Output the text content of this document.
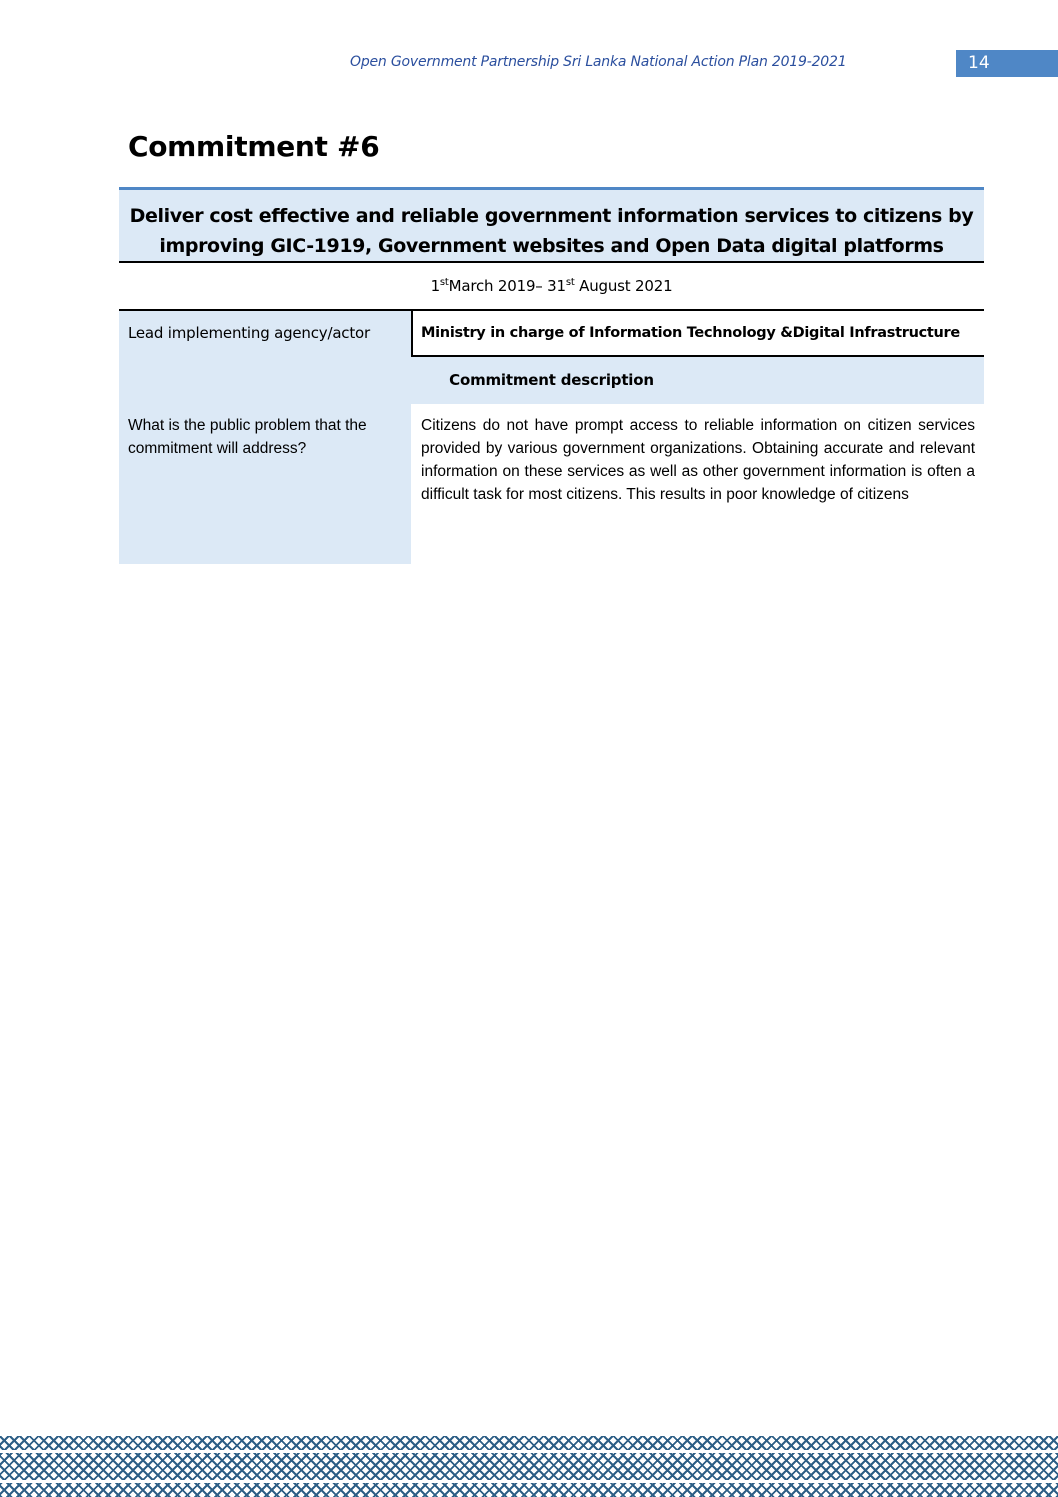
Open Government Partnership Sri Lanka National Action Plan 2019-2021	14
Commitment #6
Deliver cost effective and reliable government information services to citizens by improving GIC-1919, Government websites and Open Data digital platforms
1stMarch 2019– 31st August 2021
Lead implementing agency/actor	Ministry in charge of Information Technology &Digital Infrastructure
Commitment description
What is the public problem that the commitment will address?
Citizens do not have prompt access to reliable information on citizen services provided by various government organizations. Obtaining accurate and relevant information on these services as well as other government information is often a difficult task for most citizens. This results in poor knowledge of citizens
